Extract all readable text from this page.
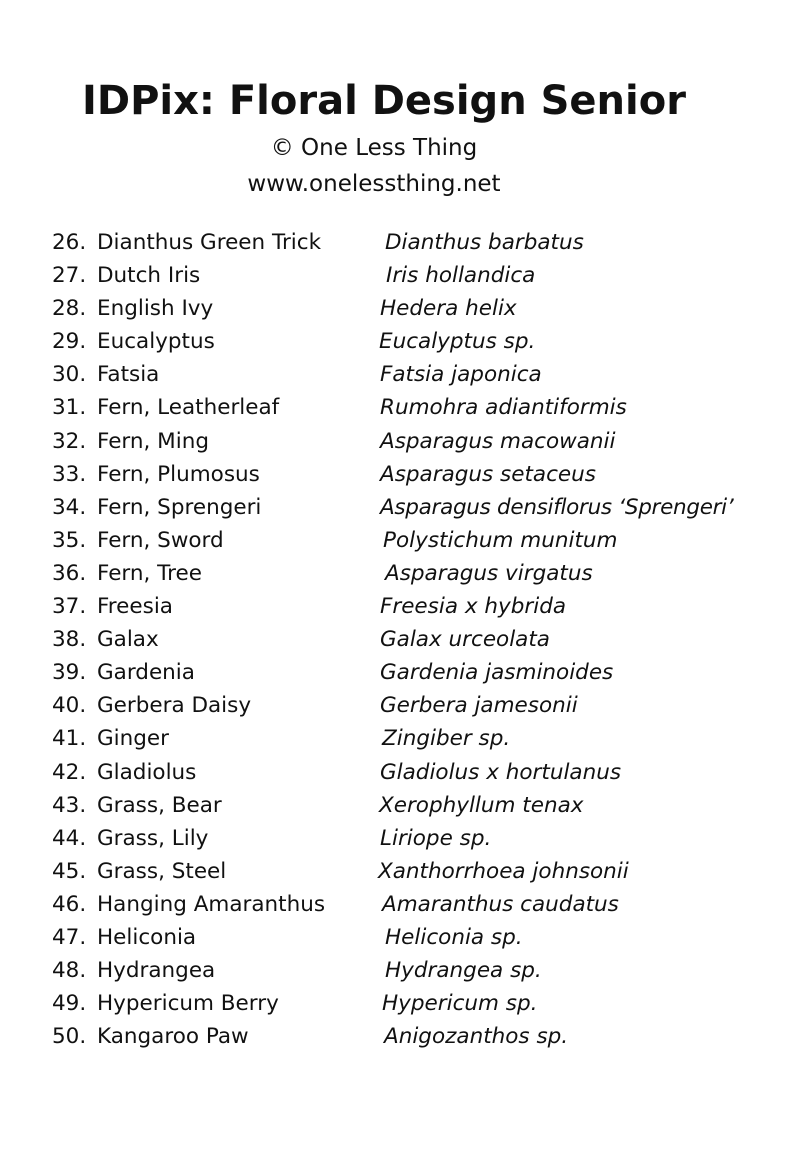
IDPix: Floral Design Senior
© One Less Thing
www.onelessthing.net
26. Dianthus Green Trick	Dianthus barbatus
27. Dutch Iris	Iris hollandica
28. English Ivy	Hedera helix
29. Eucalyptus	Eucalyptus sp.
30. Fatsia	Fatsia japonica
31. Fern, Leatherleaf	Rumohra adiantiformis
32. Fern, Ming	Asparagus macowanii
33. Fern, Plumosus	Asparagus setaceus
34. Fern, Sprengeri	Asparagus densiflorus ‘Sprengeri’
35. Fern, Sword	Polystichum munitum
36. Fern, Tree	Asparagus virgatus
37. Freesia	Freesia x hybrida
38. Galax	Galax urceolata
39. Gardenia	Gardenia jasminoides
40. Gerbera Daisy	Gerbera jamesonii
41. Ginger	Zingiber sp.
42. Gladiolus	Gladiolus x hortulanus
43. Grass, Bear	Xerophyllum tenax
44. Grass, Lily	Liriope sp.
45. Grass, Steel	Xanthorrhoea johnsonii
46. Hanging Amaranthus	Amaranthus caudatus
47. Heliconia	Heliconia sp.
48. Hydrangea	Hydrangea sp.
49. Hypericum Berry	Hypericum sp.
50. Kangaroo Paw	Anigozanthos sp.
